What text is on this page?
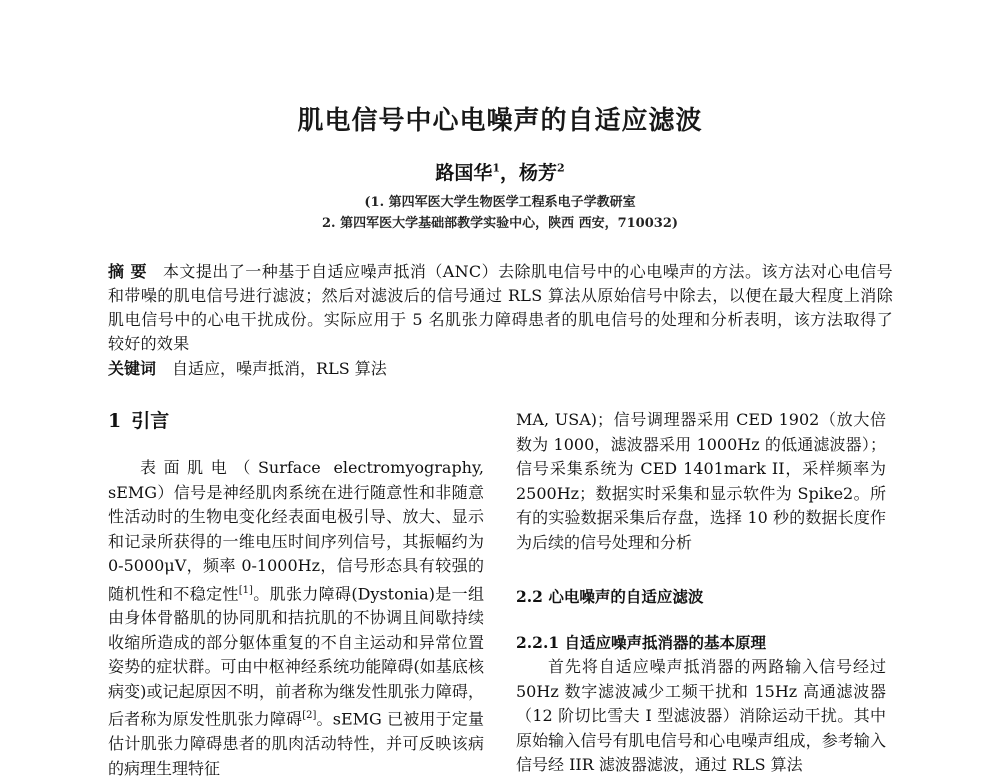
肌电信号中心电噪声的自适应滤波
路国华$^1$，杨芳$^2$
(1. 第四军医大学生物医学工程系电子学教研室
2. 第四军医大学基础部教学实验中心，陕西 西安，710032)
摘 要 本文提出了一种基于自适应噪声抵消（ANC）去除肌电信号中的心电噪声的方法。该方法对心电信号和带噪的肌电信号进行滤波；然后对滤波后的信号通过 RLS 算法从原始信号中除去，以便在最大程度上消除肌电信号中的心电干扰成份。实际应用于 5 名肌张力障碍患者的肌电信号的处理和分析表明，该方法取得了较好的效果
关键词 自适应，噪声抵消，RLS 算法
1 引言

表面肌电（Surface electromyography, sEMG）信号是神经肌肉系统在进行随意性和非随意性活动时的生物电变化经表面电极引导、放大、显示和记录所获得的一维电压时间序列信号，其振幅约为 0-5000μV，频率 0-1000Hz，信号形态具有较强的随机性和不稳定性[1]。肌张力障碍(Dystonia)是一组由身体骨骼肌的协同肌和拮抗肌的不协调且间歇持续收缩所造成的部分躯体重复的不自主运动和异常位置姿势的症状群。可由中枢神经系统功能障碍(如基底核病变)或记起原因不明，前者称为继发性肌张力障碍，后者称为原发性肌张力障碍[2]。sEMG 已被用于定量估计肌张力障碍患者的肌肉活动特性，并可反映该病的病理生理特征

MA, USA)；信号调理器采用 CED 1902（放大倍数为 1000，滤波器采用 1000Hz 的低通滤波器）；信号采集系统为 CED 1401mark II，采样频率为 2500Hz；数据实时采集和显示软件为 Spike2。所有的实验数据采集后存盘，选择 10 秒的数据长度作为后续的信号处理和分析

2.2 心电噪声的自适应滤波
2.2.1 自适应噪声抵消器的基本原理

首先将自适应噪声抵消器的两路输入信号经过 50Hz 数字滤波减少工频干扰和 15Hz 高通滤波器（12 阶切比雪夫 I 型滤波器）消除运动干扰。其中原始输入信号有肌电信号和心电噪声组成，参考输入信号经 IIR 滤波器滤波，通过 RLS 算法
